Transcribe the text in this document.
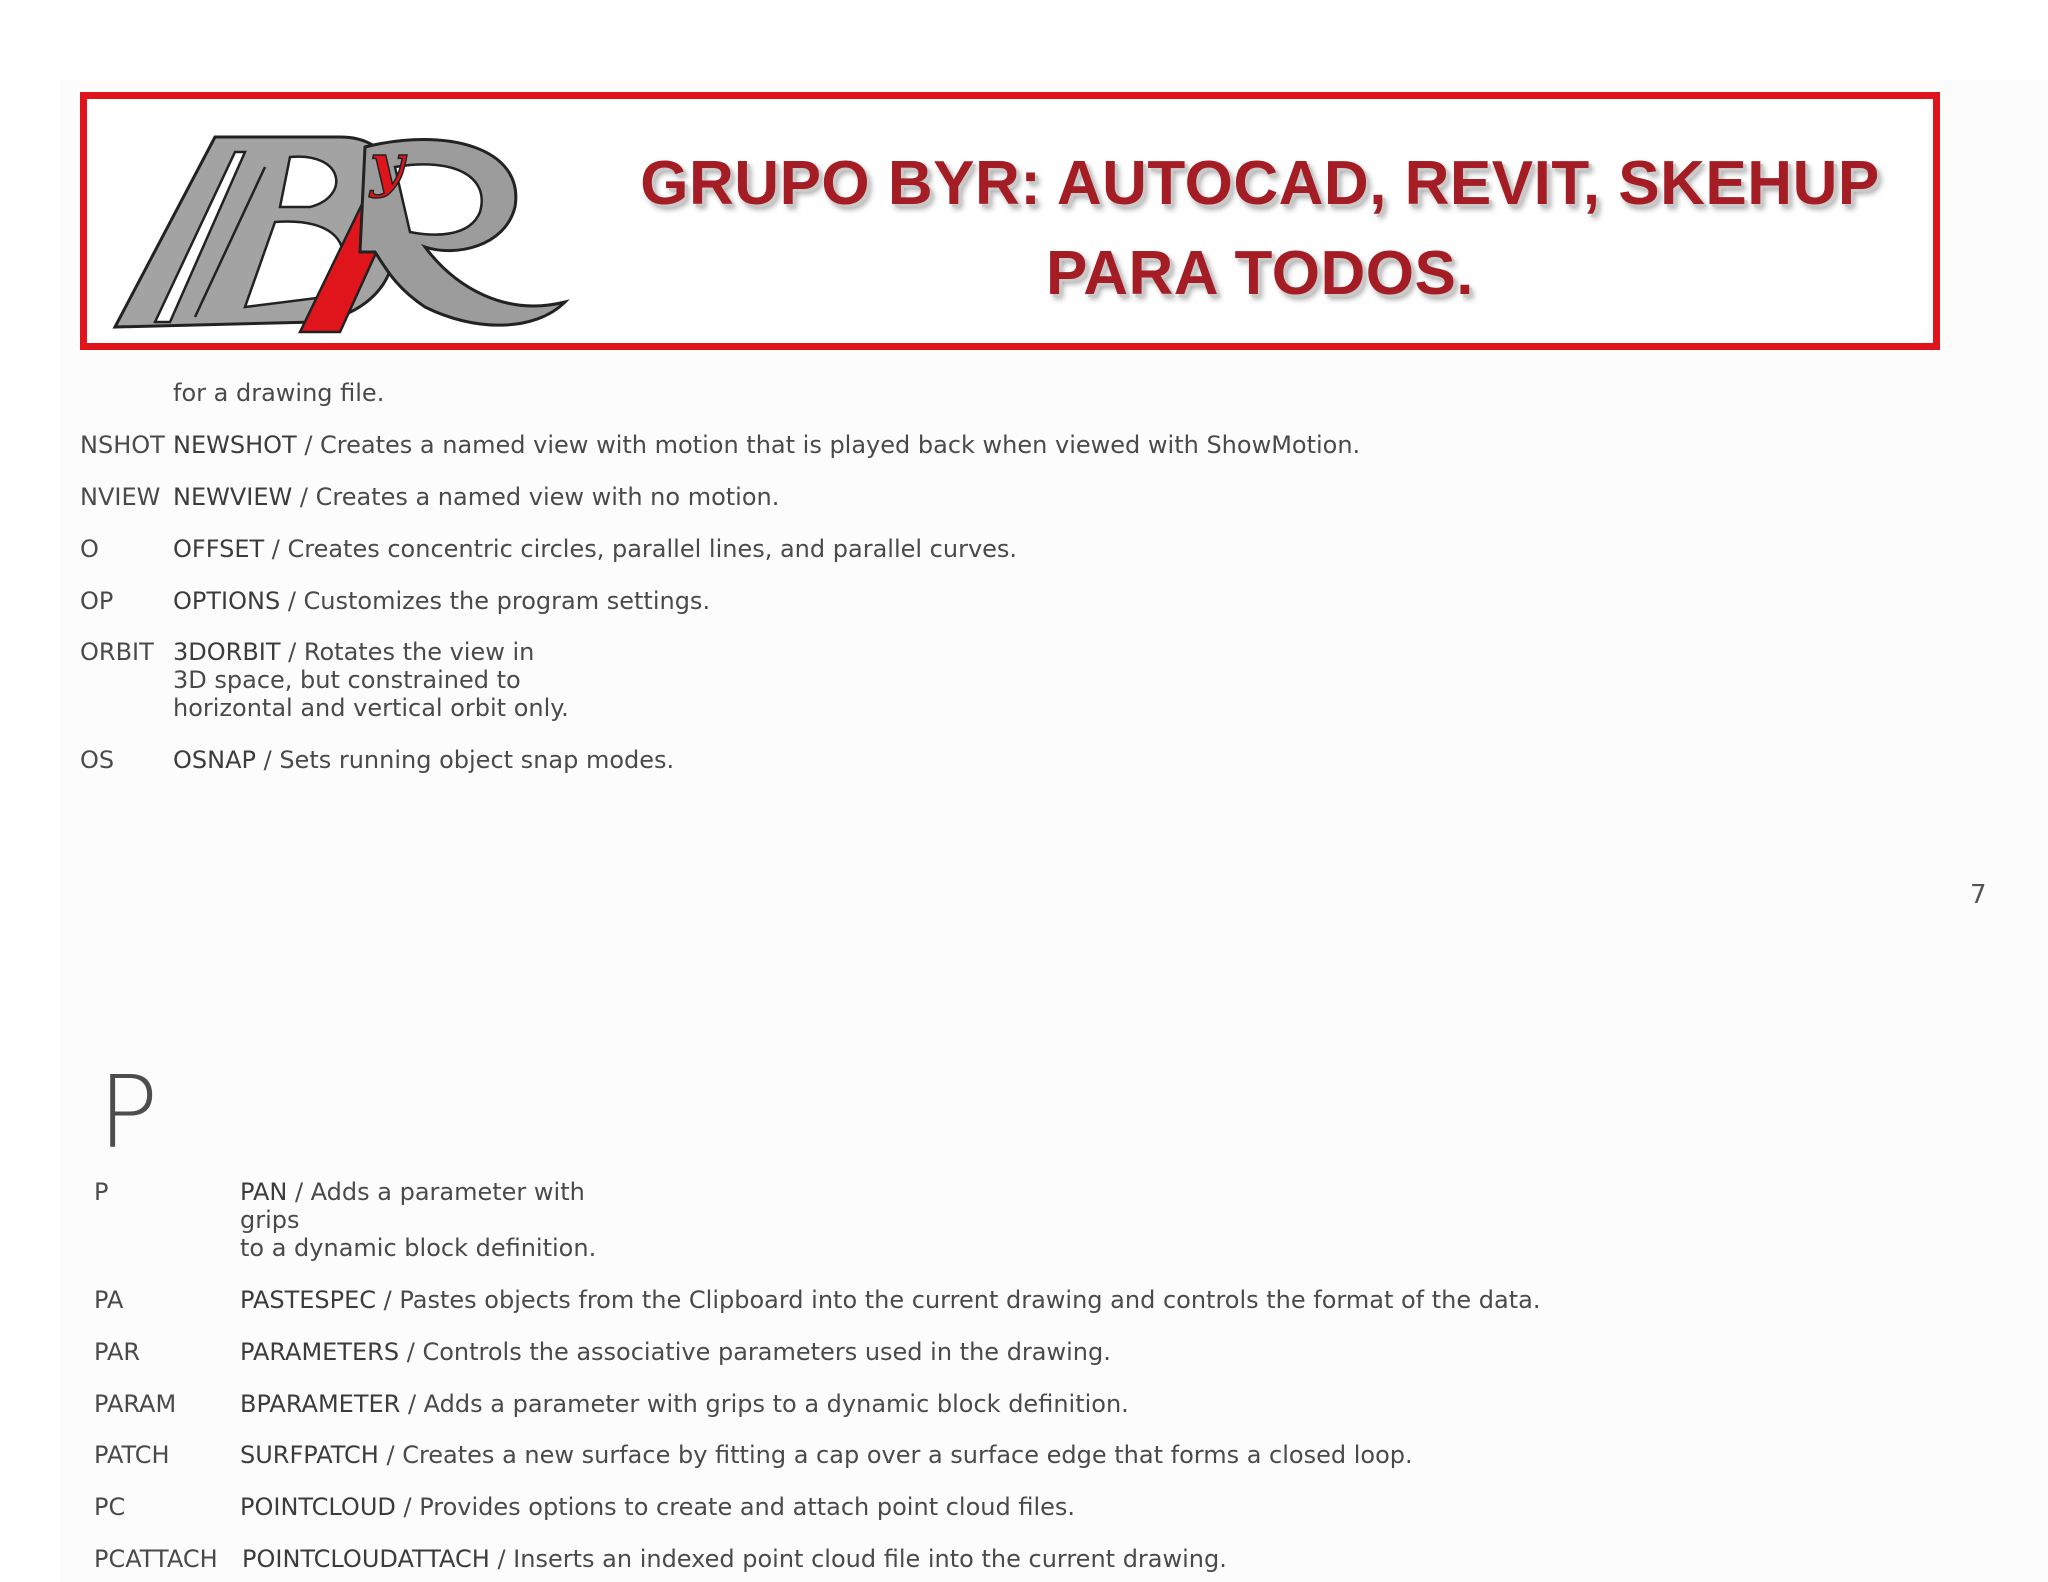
y	GRUPO BYR: AUTOCAD, REVIT, SKEHUP
PARA TODOS.
for a drawing file.
NSHOT NEWSHOT / Creates a named view with motion that is played back when viewed with ShowMotion.
NVIEW NEWVIEW / Creates a named view with no motion.
O	OFFSET / Creates concentric circles, parallel lines, and parallel curves.
OP OPTIONS / Customizes the program settings.
ORBIT 3DORBIT / Rotates the view in
3D space, but constrained to
horizontal and vertical orbit only.
OS OSNAP / Sets running object snap modes.
7
P
P	PAN / Adds a parameter with
grips
to a dynamic block definition.
PA	PASTESPEC / Pastes objects from the Clipboard into the current drawing and controls the format of the data.
PAR	PARAMETERS / Controls the associative parameters used in the drawing.
PARAM	BPARAMETER / Adds a parameter with grips to a dynamic block definition.
PATCH	SURFPATCH / Creates a new surface by fitting a cap over a surface edge that forms a closed loop.
PC	POINTCLOUD / Provides options to create and attach point cloud files.
PCATTACH POINTCLOUDATTACH / Inserts an indexed point cloud file into the current drawing.
